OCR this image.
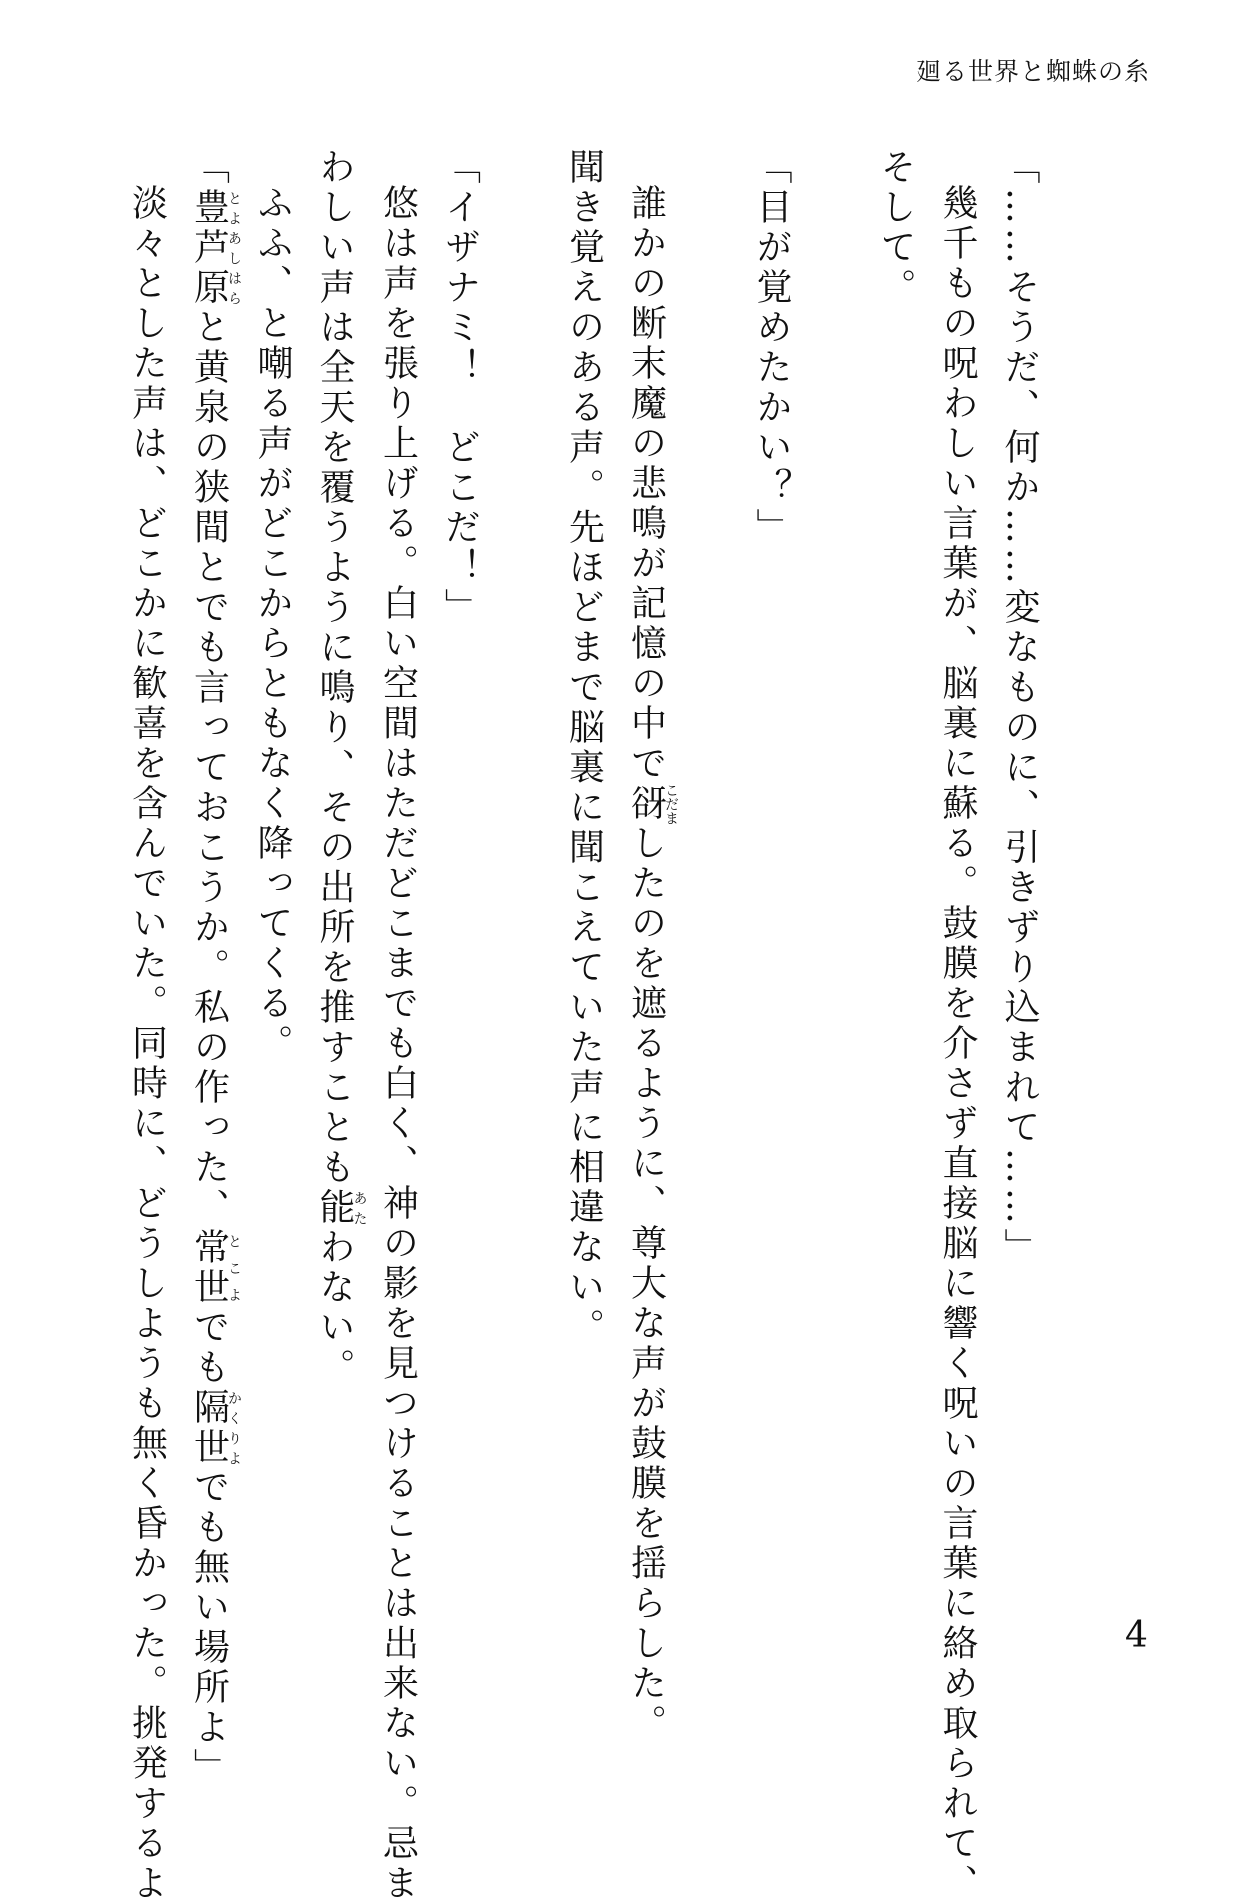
廻る世界と蜘蛛の糸

「……そうだ、何か……変なものに、引きずり込まれて……」

幾千もの呪わしい言葉が、脳裏に蘇る。鼓膜を介さず直接脳に響く呪いの言葉に絡め取られて、

そして。

「目が覚めたかい？」

誰かの断末魔の悲鳴が記憶の中で谺こだましたのを遮るように、尊大な声が鼓膜を揺らした。

聞き覚えのある声。先ほどまで脳裏に聞こえていた声に相違ない。

「イザナミ！　どこだ！」

悠は声を張り上げる。白い空間はただどこまでも白く、神の影を見つけることは出来ない。忌ま

わしい声は全天を覆うように鳴り、その出所を推すことも能あたわない。

ふふ、と嘲る声がどこからともなく降ってくる。

「豊芦原とよあしはらと黄泉の狭間とでも言っておこうか。私の作った、常世とこよでも隔世かくりよでも無い場所よ」

淡々とした声は、どこかに歓喜を含んでいた。同時に、どうしようも無く昏かった。挑発するよ	4
